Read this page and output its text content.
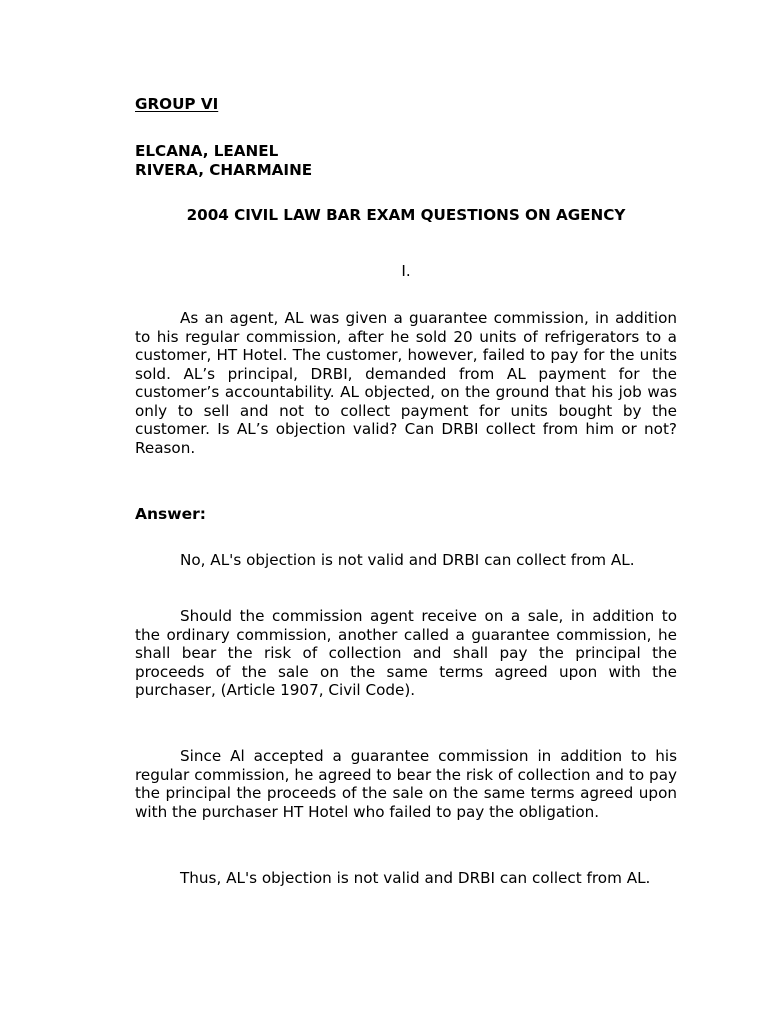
GROUP VI
ELCANA, LEANEL
RIVERA, CHARMAINE
2004 CIVIL LAW BAR EXAM QUESTIONS ON AGENCY
I.

As an agent, AL was given a guarantee commission, in addition to his regular commission, after he sold 20 units of refrigerators to a customer, HT Hotel. The customer, however, failed to pay for the units sold. AL’s principal, DRBI, demanded from AL payment for the customer’s accountability. AL objected, on the ground that his job was only to sell and not to collect payment for units bought by the customer. Is AL’s objection valid? Can DRBI collect from him or not? Reason.

Answer:

No, AL's objection is not valid and DRBI can collect from AL.

Should the commission agent receive on a sale, in addition to the ordinary commission, another called a guarantee commission, he shall bear the risk of collection and shall pay the principal the proceeds of the sale on the same terms agreed upon with the purchaser, (Article 1907, Civil Code).

Since Al accepted a guarantee commission in addition to his regular commission, he agreed to bear the risk of collection and to pay the principal the proceeds of the sale on the same terms agreed upon with the purchaser HT Hotel who failed to pay the obligation.

Thus, AL's objection is not valid and DRBI can collect from AL.
